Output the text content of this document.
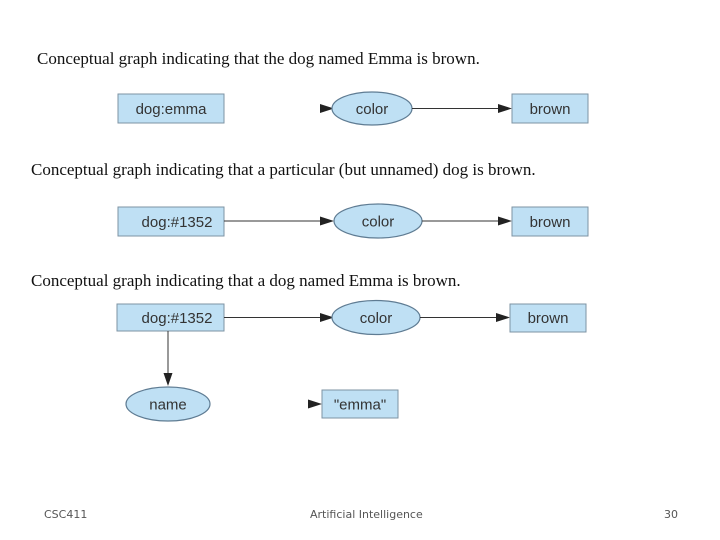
Conceptual graph indicating that the dog named Emma is brown.
Conceptual graph indicating that a particular (but unnamed) dog is brown.
Conceptual graph indicating that a dog named Emma is brown.
dog:emma	color	brown
dog:#1352	color	brown
dog:#1352	color	brown
name	"emma"
CSC411	Artificial Intelligence	30
